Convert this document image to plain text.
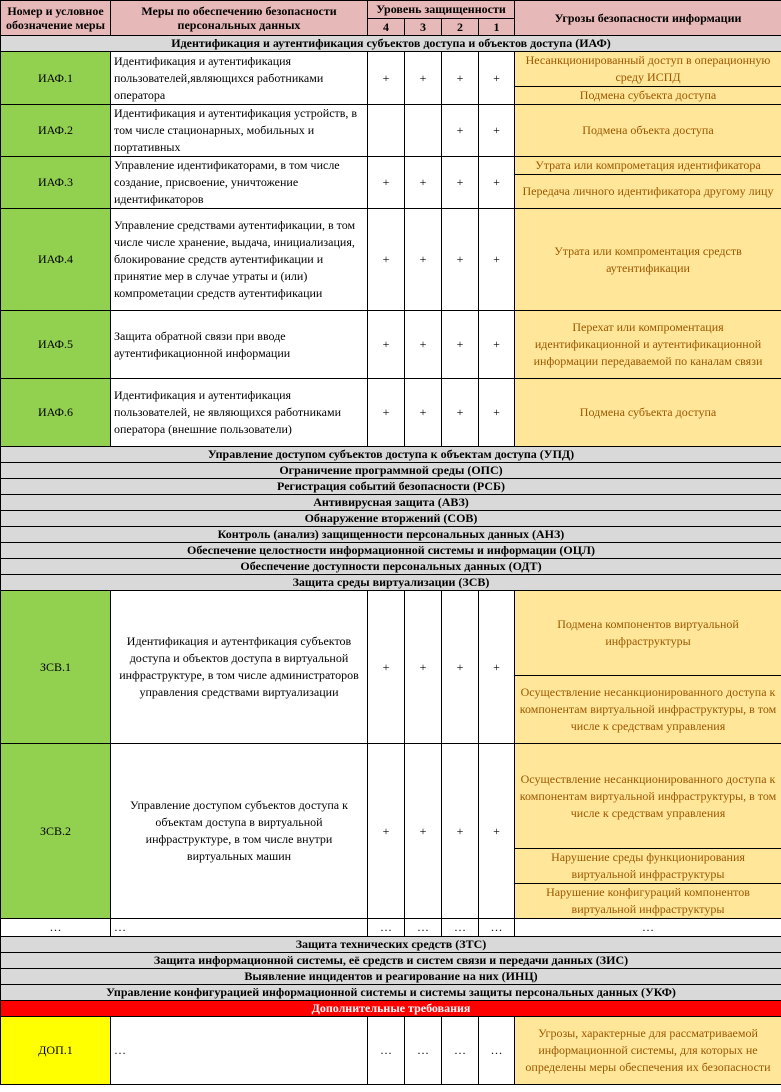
Номер и условное обозначение меры	Меры по обеспечению безопасности персональных данных	Уровень защищенности				Угрозы безопасности информации
		4	3	2	1	
Идентификация и аутентификация субъектов доступа и объектов доступа (ИАФ)						
ИАФ.1	Идентификация и аутентификация пользователей,являющихся работниками оператора	+	+	+	+	Несанкционированный доступ в операционную среду ИСПД
						Подмена субъекта доступа
ИАФ.2	Идентификация и аутентификация устройств, в том числе стационарных, мобильных и портативных			+	+	Подмена объекта доступа
ИАФ.3	Управление идентификаторами, в том числе создание, присвоение, уничтожение идентификаторов	+	+	+	+	Утрата или компрометация идентификатора
						Передача личного идентификатора другому лицу
ИАФ.4	Управление средствами аутентификации, в том числе числе хранение, выдача, инициализация, блокирование средств аутентификации и принятие мер в случае утраты и (или) компрометации средств аутентификации	+	+	+	+	Утрата или компроментация средств аутентификации
ИАФ.5	Защита обратной связи при вводе аутентификационной информации	+	+	+	+	Перехат или компроментация идентификационной и аутентификационной информации передаваемой по каналам связи
ИАФ.6	Идентификация и аутентификация пользователей, не являющихся работниками оператора (внешние пользователи)	+	+	+	+	Подмена субъекта доступа
Управление доступом субъектов доступа к объектам доступа (УПД)						
Ограничение программной среды (ОПС)						
Регистрация событий безопасности (РСБ)						
Антивирусная защита (АВЗ)						
Обнаружение вторжений (СОВ)						
Контроль (анализ) защищенности персональных данных (АНЗ)						
Обеспечение целостности информационной системы и информации (ОЦЛ)						
Обеспечение доступности персональных данных (ОДТ)						
Защита среды виртуализации (ЗСВ)						
ЗСВ.1	Идентификация и аутентфикация субъектов доступа и объектов доступа в виртуальной инфраструктуре, в том числе администраторов управления средствами виртуализации	+	+	+	+	Подмена компонентов виртуальной инфраструктуры
						Осуществление несанкционированного доступа к компонентам виртуальной инфраструктуры, в том числе к средствам управления
ЗСВ.2	Управление доступом субъектов доступа к объектам доступа в виртуальной инфраструктуре, в том числе внутри виртуальных машин	+	+	+	+	Осуществление несанкционированного доступа к компонентам виртуальной инфраструктуры, в том числе к средствам управления
						Нарушение среды функционирования виртуальной инфраструктуры
						Нарушение конфигураций компонентов виртуальной инфраструктуры
…	…	…	…	…	…	…
Защита технических средств (ЗТС)						
Защита информационной системы, её средств и систем связи и передачи данных (ЗИС)						
Выявление инцидентов и реагирование на них (ИНЦ)						
Управление конфигурацией информационной системы и системы защиты персональных данных (УКФ)						
Дополнительные требования						
ДОП.1	…	…	…	…	…	Угрозы, характерные для рассматриваемой информационной системы, для которых не определены меры обеспечения их безопасности
